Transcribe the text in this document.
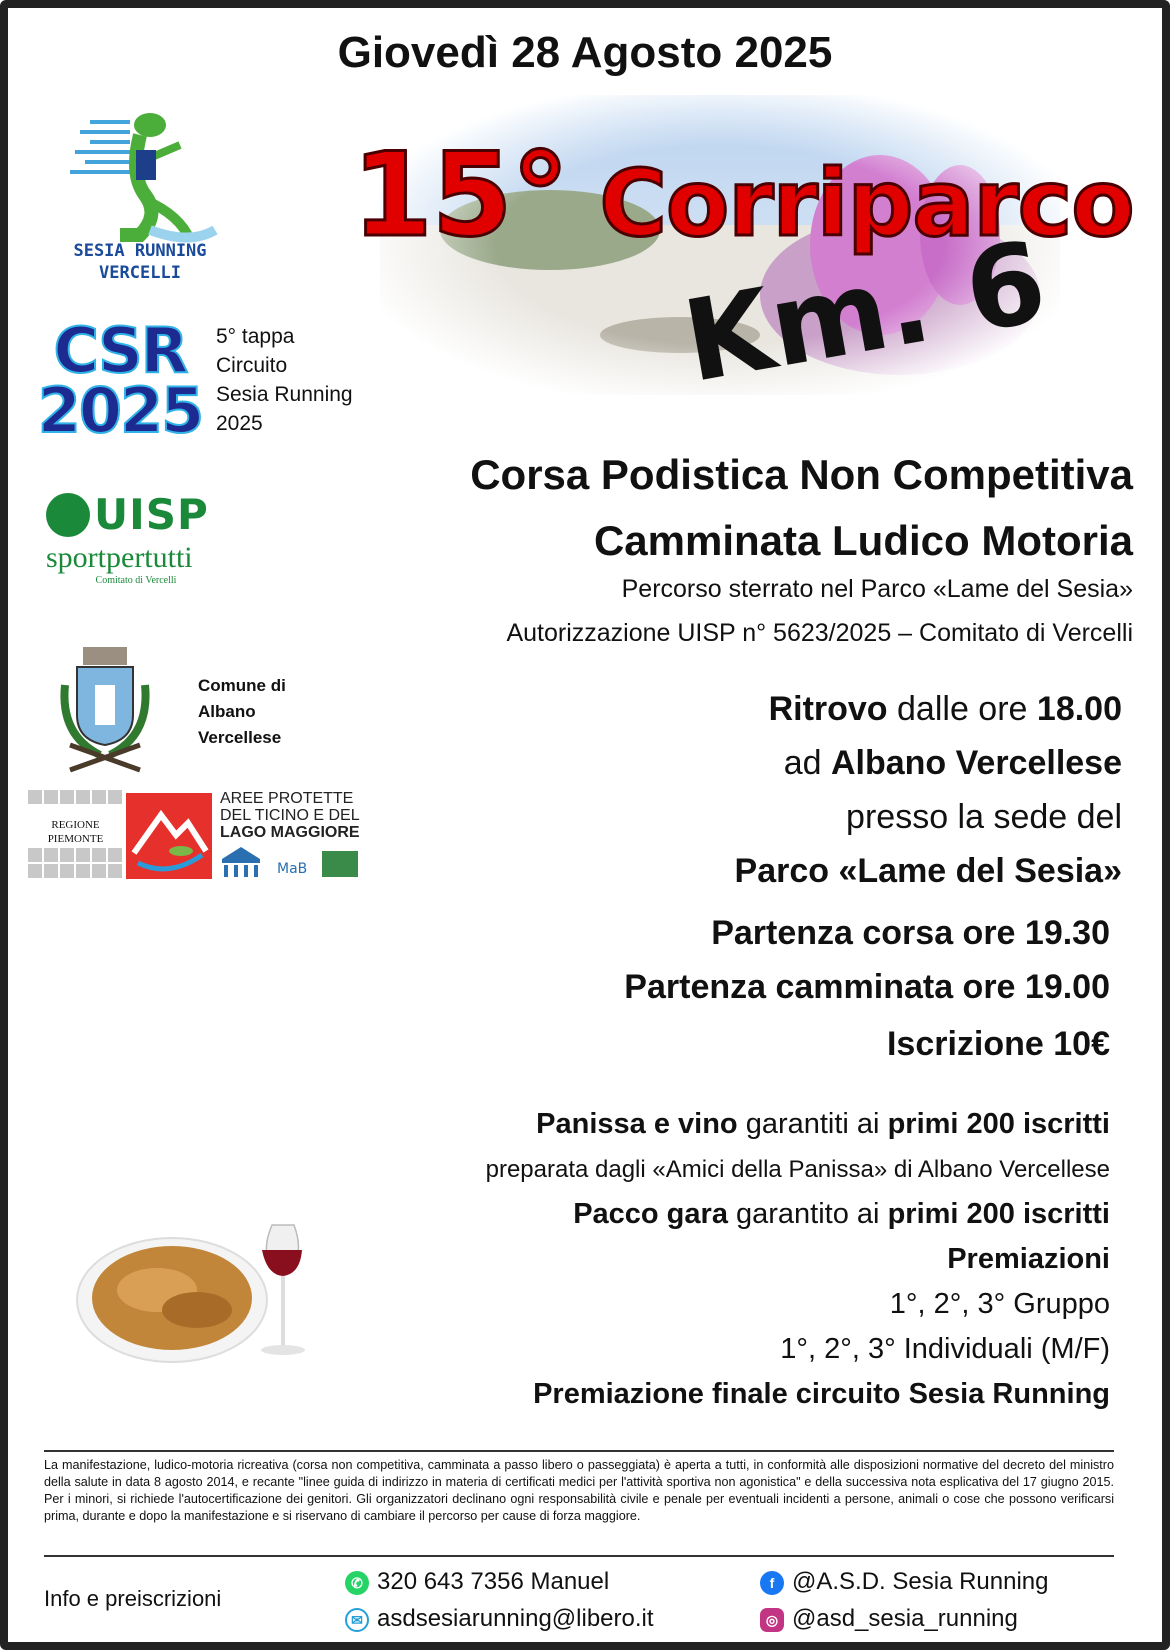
Giovedì 28 Agosto 2025
15° Corriparco
Km. 6
SESIA RUNNING
VERCELLI
CSR
2025
5° tappa
Circuito
Sesia Running
2025
UISP
sportpertutti
Comitato di Vercelli
Comune di
Albano
Vercellese
REGIONE
PIEMONTE
AREE PROTETTE
DEL TICINO E DEL
LAGO MAGGIORE
MaB
Corsa Podistica Non Competitiva
Camminata Ludico Motoria
Percorso sterrato nel Parco «Lame del Sesia»
Autorizzazione UISP n° 5623/2025 – Comitato di Vercelli
Ritrovo dalle ore 18.00
ad Albano Vercellese
presso la sede del
Parco «Lame del Sesia»
Partenza corsa ore 19.30
Partenza camminata ore 19.00
Iscrizione 10€
Panissa e vino garantiti ai primi 200 iscritti
preparata dagli «Amici della Panissa» di Albano Vercellese
Pacco gara garantito ai primi 200 iscritti
Premiazioni
1°, 2°, 3° Gruppo
1°, 2°, 3° Individuali (M/F)
Premiazione finale circuito Sesia Running
La manifestazione, ludico-motoria ricreativa (corsa non competitiva, camminata a passo libero o passeggiata) è aperta a tutti, in conformità alle disposizioni normative del decreto del ministro della salute in data 8 agosto 2014, e recante "linee guida di indirizzo in materia di certificati medici per l'attività sportiva non agonistica" e della successiva nota esplicativa del 17 giugno 2015. Per i minori, si richiede l'autocertificazione dei genitori. Gli organizzatori declinano ogni responsabilità civile e penale per eventuali incidenti a persone, animali o cose che possono verificarsi prima, durante e dopo la manifestazione e si riservano di cambiare il percorso per cause di forza maggiore.
Info e preiscrizioni
✆ 320 643 7356 Manuel
✉ asdsesiarunning@libero.it
f @A.S.D. Sesia Running
◎ @asd_sesia_running
